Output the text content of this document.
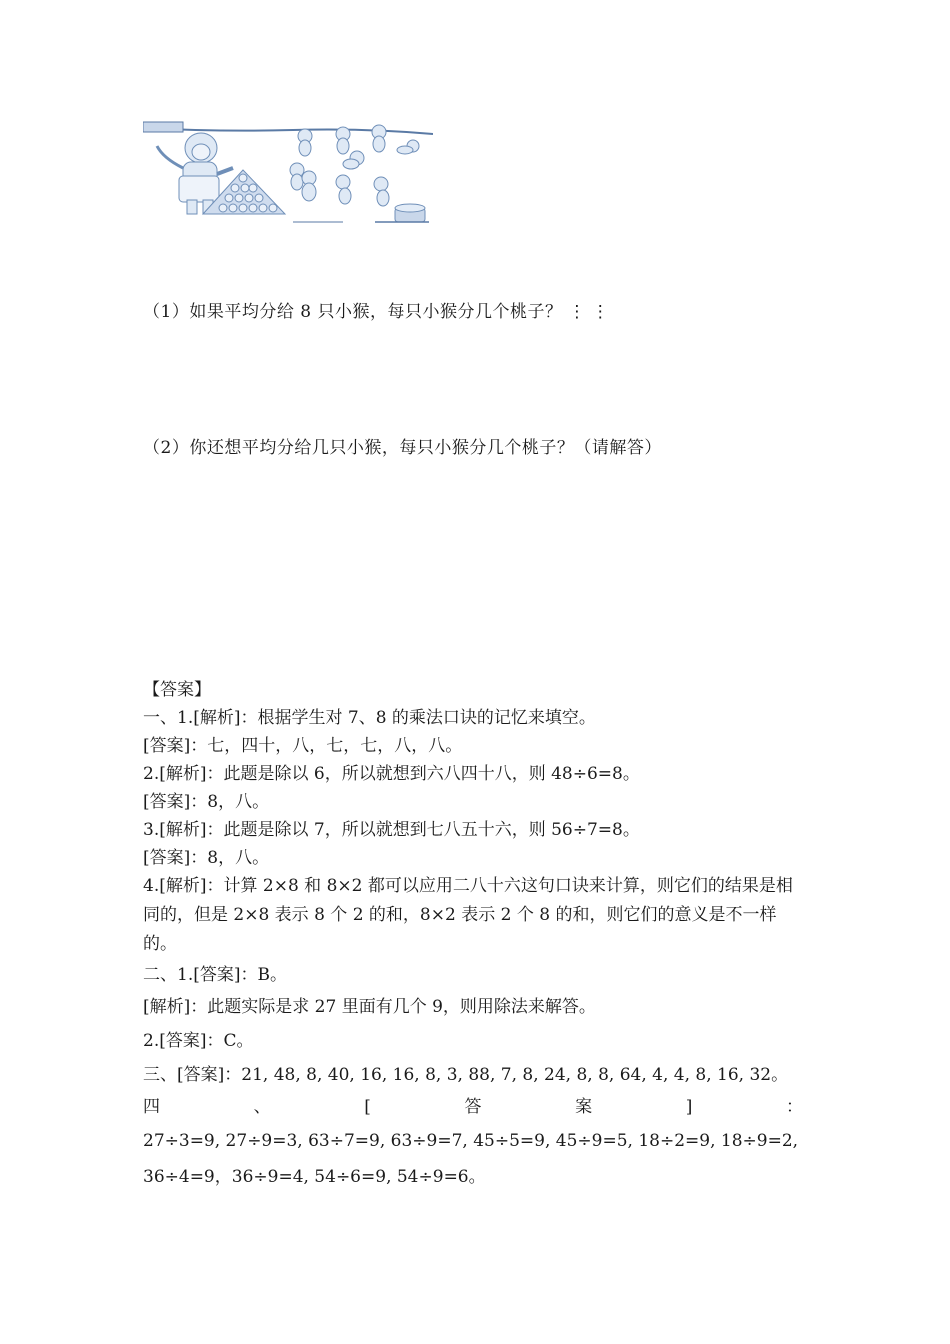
（1）如果平均分给 8 只小猴，每只小猴分几个桃子？ ⋮ ⋮
（2）你还想平均分给几只小猴，每只小猴分几个桃子？（请解答）
【答案】
一、1.[解析]：根据学生对 7、8 的乘法口诀的记忆来填空。
[答案]：七，四十，八，七，七，八，八。
2.[解析]：此题是除以 6，所以就想到六八四十八，则 48÷6=8。
[答案]：8，八。
3.[解析]：此题是除以 7，所以就想到七八五十六，则 56÷7=8。
[答案]：8，八。
4.[解析]：计算 2×8 和 8×2 都可以应用二八十六这句口诀来计算，则它们的结果是相同的，但是 2×8 表示 8 个 2 的和，8×2 表示 2 个 8 的和，则它们的意义是不一样的。
二、1.[答案]：B。
[解析]：此题实际是求 27 里面有几个 9，则用除法来解答。
2.[答案]：C。
三、[答案]：21, 48, 8, 40, 16, 16, 8, 3, 88, 7, 8, 24, 8, 8, 64, 4, 4, 8, 16, 32。
四	、	[	答	案	]	：
27÷3=9, 27÷9=3, 63÷7=9, 63÷9=7, 45÷5=9, 45÷9=5, 18÷2=9, 18÷9=2, 36÷4=9，36÷9=4, 54÷6=9, 54÷9=6。
